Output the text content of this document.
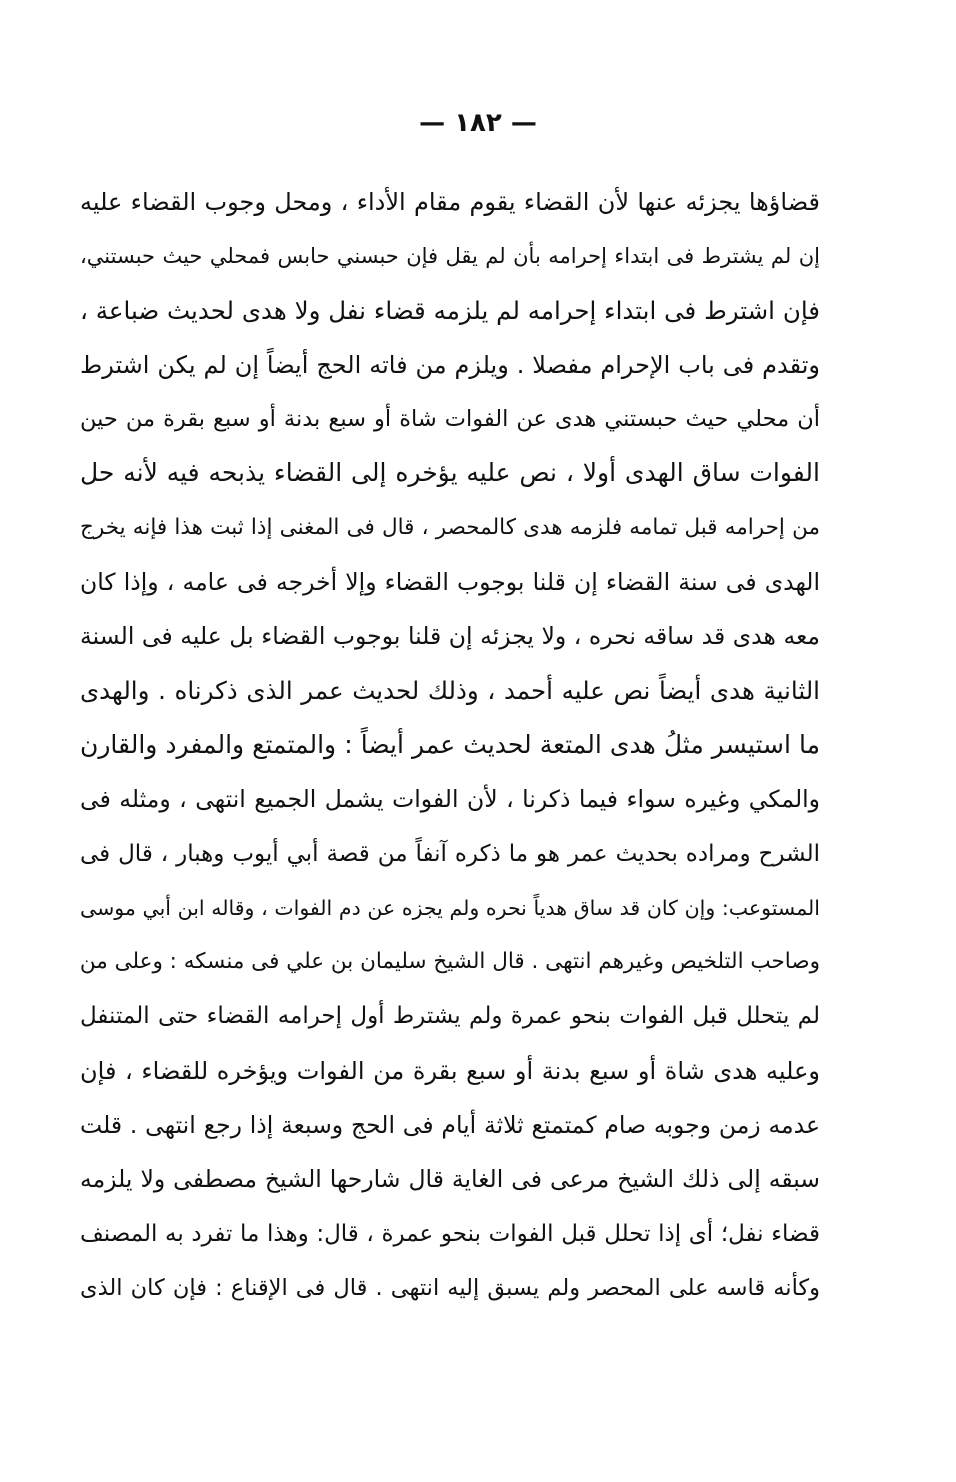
— ١٨٢ —
قضاؤها يجزئه عنها لأن القضاء يقوم مقام الأداء ، ومحل وجوب القضاء عليه
إن لم يشترط فى ابتداء إحرامه بأن لم يقل فإن حبسني حابس فمحلي حيث حبستني،
فإن اشترط فى ابتداء إحرامه لم يلزمه قضاء نفل ولا هدى لحديث ضباعة ،
وتقدم فى باب الإحرام مفصلا . ويلزم من فاته الحج أيضاً إن لم يكن اشترط
أن محلي حيث حبستني هدى عن الفوات شاة أو سبع بدنة أو سبع بقرة من حين
الفوات ساق الهدى أولا ، نص عليه يؤخره إلى القضاء يذبحه فيه لأنه حل
من إحرامه قبل تمامه فلزمه هدى كالمحصر ، قال فى المغنى إذا ثبت هذا فإنه يخرج
الهدى فى سنة القضاء إن قلنا بوجوب القضاء وإلا أخرجه فى عامه ، وإذا كان
معه هدى قد ساقه نحره ، ولا يجزئه إن قلنا بوجوب القضاء بل عليه فى السنة
الثانية هدى أيضاً نص عليه أحمد ، وذلك لحديث عمر الذى ذكرناه . والهدى
ما استيسر مثلُ هدى المتعة لحديث عمر أيضاً : والمتمتع والمفرد والقارن
والمكي وغيره سواء فيما ذكرنا ، لأن الفوات يشمل الجميع انتهى ، ومثله فى
الشرح ومراده بحديث عمر هو ما ذكره آنفاً من قصة أبي أيوب وهبار ، قال فى
المستوعب: وإن كان قد ساق هدياً نحره ولم يجزه عن دم الفوات ، وقاله ابن أبي موسى
وصاحب التلخيص وغيرهم انتهى . قال الشيخ سليمان بن علي فى منسكه : وعلى من
لم يتحلل قبل الفوات بنحو عمرة ولم يشترط أول إحرامه القضاء حتى المتنفل
وعليه هدى شاة أو سبع بدنة أو سبع بقرة من الفوات ويؤخره للقضاء ، فإن
عدمه زمن وجوبه صام كمتمتع ثلاثة أيام فى الحج وسبعة إذا رجع انتهى . قلت
سبقه إلى ذلك الشيخ مرعى فى الغاية قال شارحها الشيخ مصطفى ولا يلزمه
قضاء نفل؛ أى إذا تحلل قبل الفوات بنحو عمرة ، قال: وهذا ما تفرد به المصنف
وكأنه قاسه على المحصر ولم يسبق إليه انتهى . قال فى الإقناع : فإن كان الذى
